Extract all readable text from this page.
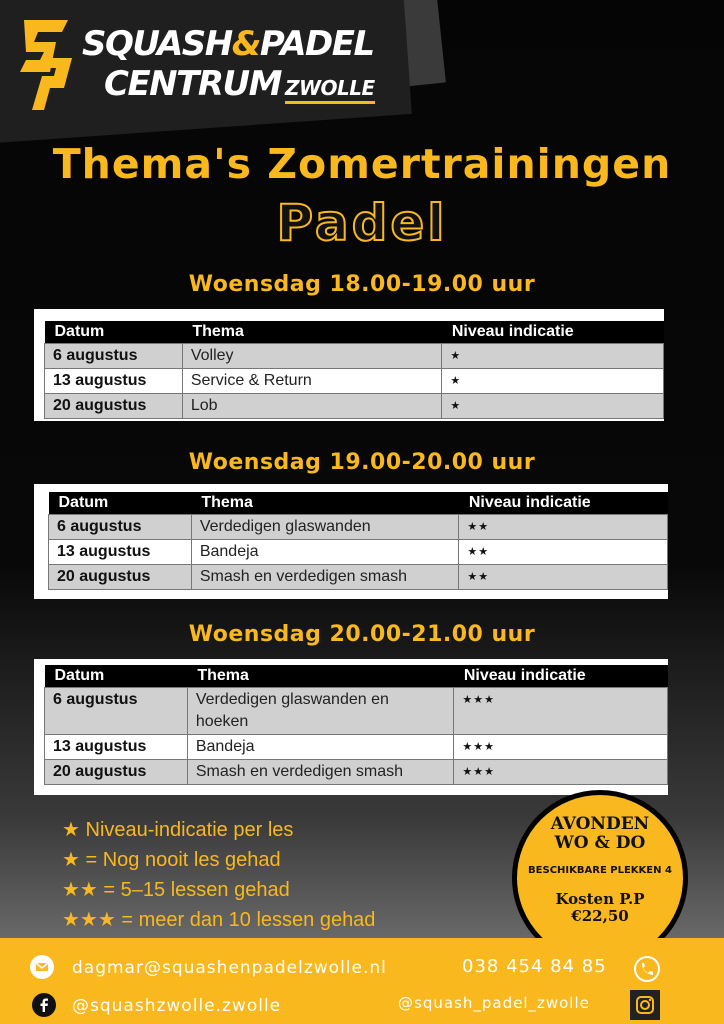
SQUASH&PADEL
CENTRUM ZWOLLE
Thema's Zomertrainingen
Padel
Woensdag 18.00-19.00 uur
Datum	Thema	Niveau indicatie
6 augustus	Volley	★
13 augustus	Service & Return	★
20 augustus	Lob	★
Woensdag 19.00-20.00 uur
Datum	Thema	Niveau indicatie
6 augustus	Verdedigen glaswanden	★★
13 augustus	Bandeja	★★
20 augustus	Smash en verdedigen smash	★★
Woensdag 20.00-21.00 uur
Datum	Thema	Niveau indicatie
6 augustus	Verdedigen glaswanden en
hoeken	★★★
13 augustus	Bandeja	★★★
20 augustus	Smash en verdedigen smash	★★★
★ Niveau-indicatie per les
★ = Nog nooit les gehad
★★ = 5–15 lessen gehad
★★★ = meer dan 10 lessen gehad
AVONDEN
WO & DO
BESCHIKBARE PLEKKEN 4
Kosten P.P
€22,50
dagmar@squashenpadelzwolle.nl	038 454 84 85
@squashzwolle.zwolle	@squash_padel_zwolle
